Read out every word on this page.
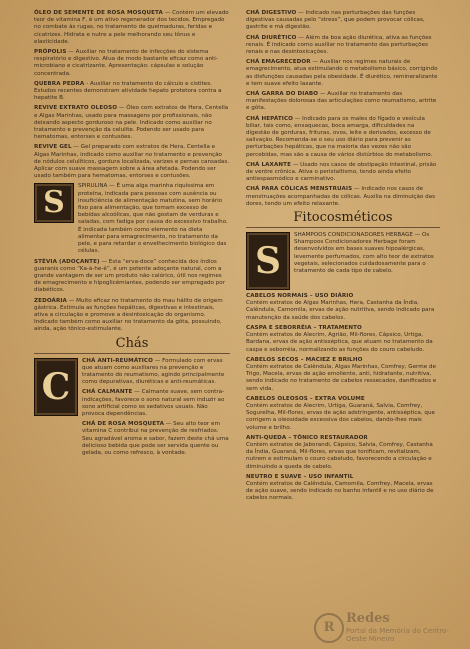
ÓLEO DE SEMENTE DE ROSA MOSQUETA — Contém um elevado teor de vitamina F, é um ativo regenerador dos tecidos. Empregado no combate às rugas, no tratamento de queimaduras, feridas e cicatrizes. Hidrata e nutre a pele melhorando seu tônus e elasticidade.
PRÓPOLIS — Auxiliar no tratamento de infecções do sistema respiratório e digestivo. Atua de modo bastante eficaz como anti-microbiano e cicatrizante. Apresentação: cápsulas e solução concentrada.
QUEBRA PEDRA - Auxiliar no tratamento do cálculo e cistites. Estudos recentes demonstram atividade hepato protetora contra a hepatite B.
REVIVE EXTRATO OLEOSO — Óleo com extratos de Hera, Centella e Algas Marinhas, usado para massagens por profissionais, não deixando aspecto gorduroso na pele. Indicado como auxiliar no tratamento e prevenção da celulite. Podendo ser usado para hematomas, entorses e contusões.
REVIVE GEL — Gel preparado com extratos de Hera, Centella e Algas Marinhas, indicado como auxiliar no tratamento e prevenção de nódulos celulíticos, gordura localizada, varizes e pernas cansadas. Aplicar com suave massagem sobre a área afetada. Podendo ser usado também para hematomas, entorses e contusões.
S	SPIRULINA — É uma alga marinha riquíssima em proteína, indicada para pessoas com ausência ou insuficiência de alimentação matutina, sem horário fixo para alimentação, que tomam excesso de bebidas alcoólicas, que não gostam de verduras e saladas, com fadiga por causa do excessivo trabalho. É indicada também como elemento na dieta alimentar para emagrecimento, no tratamento da pele, e para retardar o envelhecimento biológico das células.
STÉVIA (ADOÇANTE) — Esta “erva-doce” conhecida dos índios guaranis como “Ka-à-he-ê”, é um potente adoçante natural, com a grande vantagem de ser um produto não calórico, útil nos regimes de emagrecimento e hipoglicêmiantes, podendo ser empregado por diabéticos.
ZEDOÁRIA — Muito eficaz no tratamento do mau hálito de origem gástrica. Estimula as funções hepáticas, digestivas e intestinais, ativa a circulação e promove a desintoxicação do organismo. Indicado também como auxiliar no tratamento da gôta, possuindo, ainda, ação tônico-estimulante.
Chás
C
CHÁ ANTI-REUMÁTICO — Formulado com ervas que atuam como auxiliares na prevenção e tratamento do reumatismo, agindo principalmente como depurativas, diuréticas e anti-reumáticas.
CHÁ CALMANTE — Calmante suave, sem contra-indicações, favorece o sono natural sem induzir ao sono artificial como os sedativos usuais. Não provoca dependências.
CHÁ DE ROSA MOSQUETA — Seu alto teor em vitamina C contribui na prevenção de resfriados. Seu agradável aroma e sabor, fazem deste chá uma delicioso bebida que pode ser servida quente ou gelada, ou como refresco, à vontade.
CHÁ DIGESTIVO — Indicado nas perturbações das funções digestivas causadas pelo “stress”, que podem provocar cólicas, gastrite e má digestão.
CHÁ DIURÉTICO — Além da boa ação diurética, ativa as funções renais. É indicado como auxiliar no tratamento das perturbações renais e nas desintoxicações.
CHÁ EMAGRECEDOR — Auxiliar nos regimes naturais de emagrecimento, atua estimulando o metabolismo básico, corrigindo as disfunções causadas pela obesidade. É diurético, remineralizante e tem suave efeito laxante.
CHÁ GARRA DO DIABO — Auxiliar no tratamento das manifestações dolorosas das articulações como reumatismo, artrite e gôta.
CHÁ HEPÁTICO — Indicado para os males do fígado e vesícula biliar, tais como, enxaquecas, boca amarga, dificuldades na digestão de gorduras, frituras, ovos, leite e derivados, excesso de salivação. Recomenda-se o seu uso diário para prevenir as perturbações hepáticas, que na maioria das vezes não são percebidas, mas são a causa de vários distúrbios do metabolismo.
CHÁ LAXANTE — Usado nos casos de obstipação intestinal, prisão de ventre crônica. Ativa o peristaltismo, tendo ainda efeito antiespasmódico e carminativo.
CHÁ PARA CÓLICAS MENSTRUAIS — Indicado nos casos de menstruações acompanhadas de cólicas. Auxilia na diminuição das dores, tendo um efeito relaxante.
Fitocosméticos
S
SHAMPOOS CONDICIONADORES HERBAGE — Os Shampoos Condicionadores Herbage foram desenvolvidos em bases suaves hipoalérgicas, levemente perfumados, com alto teor de extratos vegetais, selecionados cuidadosamente para o tratamento de cada tipo de cabelo.
CABELOS NORMAIS – USO DIÁRIO
Contém extratos de Algas Marinhas, Hera, Castanha da Índia, Calêndula, Camomila, ervas de ação nutritiva, sendo indicado para manutenção da saúde dos cabelos.
CASPA E SEBORRÉIA – TRATAMENTO
Contém extratos de Alecrim, Agrião, Mil-flores, Cápsico, Urtiga, Bardana, ervas de ação antisséptica, que atuam no tratamento da caspa e seborréia, normalizando as funções do couro cabeludo.
CABELOS SECOS – MACIEZ E BRILHO
Contém extratos de Calêndula, Algas Marinhas, Comfrey, Germe de Trigo, Macela, ervas de ação emoliente, anti, hidratante, nutritiva, sendo indicado no tratamento de cabelos ressecados, danificados e sem vida.
CABELOS OLEOSOS – EXTRA VOLUME
Contém extratos de Alecrim, Urtiga, Guaraná, Salvia, Comfrey, Sogurelha, Mil-flores, ervas de ação adstringente, antisséptica, que corrigem a oleosidade excessiva dos cabelos, dando-lhes mais volume e brilho.
ANTI-QUEDA – TÔNICO RESTAURADOR
Contém extratos de Jaborandi, Cápsico, Salvia, Comfrey, Castanha da Índia, Guaraná, Mil-flores, ervas que tonificam, revitalizam, nutrem e estimulam o couro cabeludo, favorecendo a circulação e diminuindo a queda de cabelo.
NEUTRO E SUAVE – USO INFANTIL
Contém extratos de Calêndula, Camomila, Comfrey, Macela, ervas de ação suave, sendo indicado no banho infantil e no uso diário de cabelos normais.
R
Redes
Portal da Memória do Centro-Oeste Mineiro
